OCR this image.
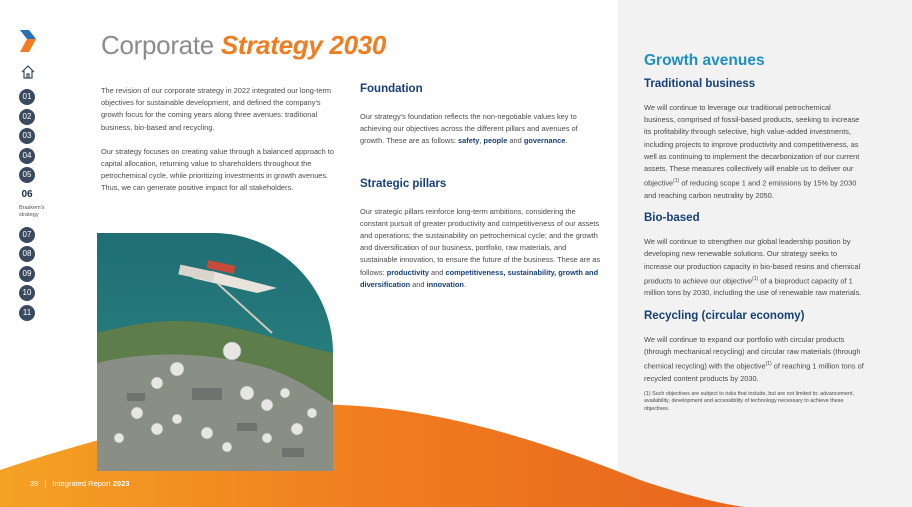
01
02
03
04
05
06
Braskem's strategy
07
08
09
10
11
Corporate Strategy 2030

The revision of our corporate strategy in 2022 integrated our long-term objectives for sustainable development, and defined the company's growth focus for the coming years along three avenues: traditional business, bio-based and recycling.

Our strategy focuses on creating value through a balanced approach to capital allocation, returning value to shareholders throughout the petrochemical cycle, while prioritizing investments in growth avenues. Thus, we can generate positive impact for all stakeholders.

Foundation

Our strategy's foundation reflects the non-negotiable values key to achieving our objectives across the different pillars and avenues of growth. These are as follows: safety, people and governance.

Strategic pillars

Our strategic pillars reinforce long-term ambitions, considering the constant pursuit of greater productivity and competitiveness of our assets and operations; the sustainability on petrochemical cycle; and the growth and diversification of our business, portfolio, raw materials, and sustainable innovation, to ensure the future of the business. These are as follows: productivity and competitiveness, sustainability, growth and diversification and innovation.

Growth avenues
Traditional business

We will continue to leverage our traditional petrochemical business, comprised of fossil-based products, seeking to increase its profitability through selective, high value-added investments, including projects to improve productivity and competitiveness, as well as continuing to implement the decarbonization of our current assets. These measures collectively will enable us to deliver our objective$^{(1)}$ of reducing scope 1 and 2 emissions by 15% by 2030 and reaching carbon neutrality by 2050.

Bio-based

We will continue to strengthen our global leadership position by developing new renewable solutions. Our strategy seeks to increase our production capacity in bio-based resins and chemical products to achieve our objective$^{(1)}$ of a bioproduct capacity of 1 million tons by 2030, including the use of renewable raw materials.

Recycling (circular economy)

We will continue to expand our portfolio with circular products (through mechanical recycling) and circular raw materials (through chemical recycling) with the objective$^{(1)}$ of reaching 1 million tons of recycled content products by 2030.

(1) Such objectives are subject to risks that include, but are not limited to: advancement, availability, development and accessibility of technology necessary to achieve these objectives.

39 | Integrated Report 2023
